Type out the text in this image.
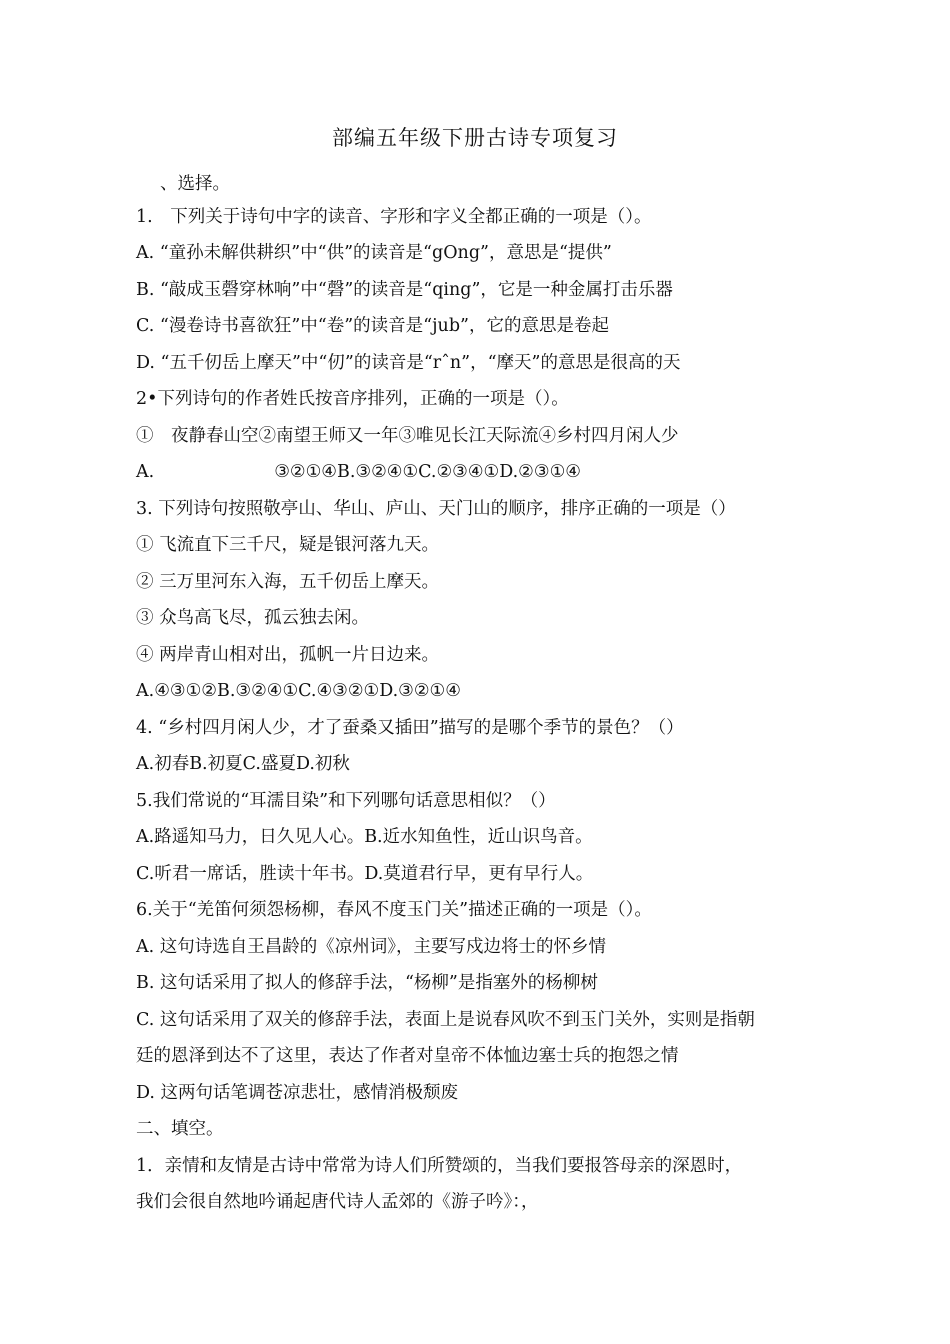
部编五年级下册古诗专项复习
、选择。
1.　下列关于诗句中字的读音、字形和字义全都正确的一项是（）。
A. “童孙未解供耕织”中“供”的读音是“gOng”，意思是“提供”
B. “敲成玉磬穿林响”中“磬”的读音是“qing”，它是一种金属打击乐器
C. “漫卷诗书喜欲狂”中“卷”的读音是“jub”，它的意思是卷起
D. “五千仞岳上摩天”中“仞”的读音是“rˆn”，“摩天”的意思是很高的天
2•下列诗句的作者姓氏按音序排列，正确的一项是（）。
①　夜静春山空②南望王师又一年③唯见长江天际流④乡村四月闲人少
A.	③②①④B.③②④①C.②③④①D.②③①④
3. 下列诗句按照敬亭山、华山、庐山、天门山的顺序，排序正确的一项是（）
① 飞流直下三千尺，疑是银河落九天。
② 三万里河东入海，五千仞岳上摩天。
③ 众鸟高飞尽，孤云独去闲。
④ 两岸青山相对出，孤帆一片日边来。
A.④③①②B.③②④①C.④③②①D.③②①④
4. “乡村四月闲人少，才了蚕桑又插田”描写的是哪个季节的景色？（）
A.初春B.初夏C.盛夏D.初秋
5.我们常说的“耳濡目染”和下列哪句话意思相似？（）
A.路遥知马力，日久见人心。B.近水知鱼性，近山识鸟音。
C.听君一席话，胜读十年书。D.莫道君行早，更有早行人。
6.关于“羌笛何须怨杨柳，春风不度玉门关”描述正确的一项是（）。
A. 这句诗选自王昌龄的《凉州词》，主要写戍边将士的怀乡情
B. 这句话采用了拟人的修辞手法，“杨柳”是指塞外的杨柳树
C. 这句话采用了双关的修辞手法，表面上是说春风吹不到玉门关外，实则是指朝
廷的恩泽到达不了这里，表达了作者对皇帝不体恤边塞士兵的抱怨之情
D. 这两句话笔调苍凉悲壮，感情消极颓废
二、填空。
1．亲情和友情是古诗中常常为诗人们所赞颂的，当我们要报答母亲的深恩时，
我们会很自然地吟诵起唐代诗人孟郊的《游子吟》：，
